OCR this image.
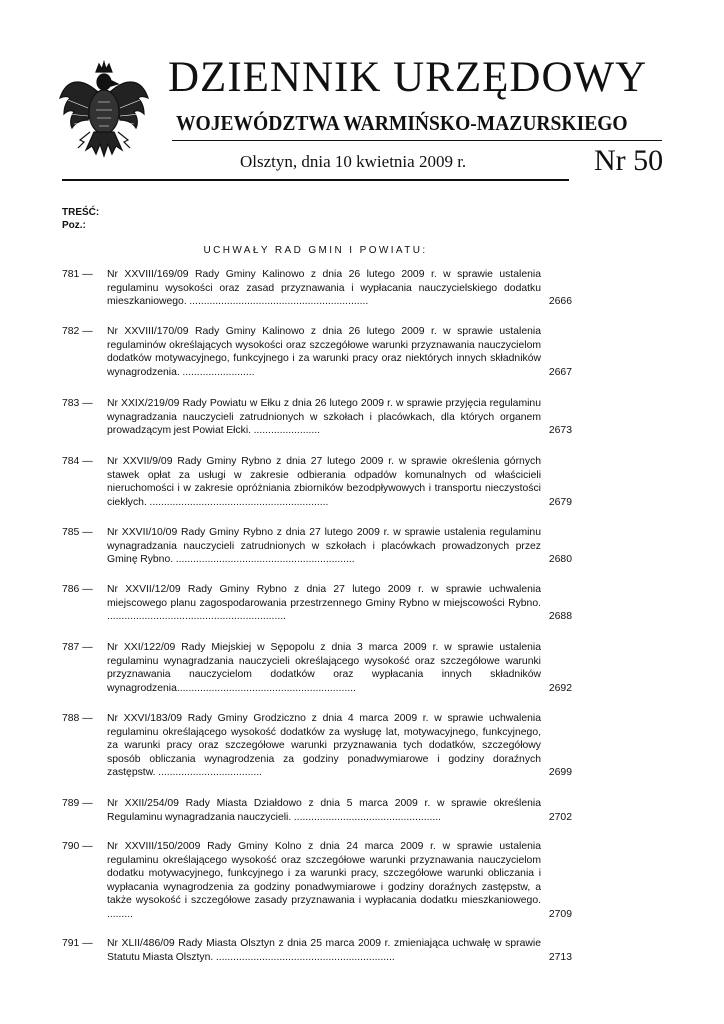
DZIENNIK URZĘDOWY
WOJEWÓDZTWA WARMIŃSKO-MAZURSKIEGO
Olsztyn, dnia 10 kwietnia 2009 r.	Nr 50
TREŚĆ:
Poz.:
UCHWAŁY RAD GMIN I POWIATU:
781 —	Nr XXVIII/169/09 Rady Gminy Kalinowo z dnia 26 lutego 2009 r. w sprawie ustalenia regulaminu wysokości oraz zasad przyznawania i wypłacania nauczycielskiego dodatku mieszkaniowego. ..............................................................	2666
782 —	Nr XXVIII/170/09 Rady Gminy Kalinowo z dnia 26 lutego 2009 r. w sprawie ustalenia regulaminów określających wysokości oraz szczegółowe warunki przyznawania nauczycielom dodatków motywacyjnego, funkcyjnego i za warunki pracy oraz niektórych innych składników wynagrodzenia. .........................	2667
783 —	Nr XXIX/219/09 Rady Powiatu w Ełku z dnia 26 lutego 2009 r. w sprawie przyjęcia regulaminu wynagradzania nauczycieli zatrudnionych w szkołach i placówkach, dla których organem prowadzącym jest Powiat Ełcki. .......................	2673
784 —	Nr XXVII/9/09 Rady Gminy Rybno z dnia 27 lutego 2009 r. w sprawie określenia górnych stawek opłat za usługi w zakresie odbierania odpadów komunalnych od właścicieli nieruchomości i w zakresie opróżniania zbiorników bezodpływowych i transportu nieczystości ciekłych. ..............................................................	2679
785 —	Nr XXVII/10/09 Rady Gminy Rybno z dnia 27 lutego 2009 r. w sprawie ustalenia regulaminu wynagradzania nauczycieli zatrudnionych w szkołach i placówkach prowadzonych przez Gminę Rybno. ..............................................................	2680
786 —	Nr XXVII/12/09 Rady Gminy Rybno z dnia 27 lutego 2009 r. w sprawie uchwalenia miejscowego planu zagospodarowania przestrzennego Gminy Rybno w miejscowości Rybno. ..............................................................	2688
787 —	Nr XXI/122/09 Rady Miejskiej w Sępopolu z dnia 3 marca 2009 r. w sprawie ustalenia regulaminu wynagradzania nauczycieli określającego wysokość oraz szczegółowe warunki przyznawania nauczycielom dodatków oraz wypłacania innych składników wynagrodzenia..............................................................	2692
788 —	Nr XXVI/183/09 Rady Gminy Grodziczno z dnia 4 marca 2009 r. w sprawie uchwalenia regulaminu określającego wysokość dodatków za wysługę lat, motywacyjnego, funkcyjnego, za warunki pracy oraz szczegółowe warunki przyznawania tych dodatków, szczegółowy sposób obliczania wynagrodzenia za godziny ponadwymiarowe i godziny doraźnych zastępstw. ....................................	2699
789 —	Nr XXII/254/09 Rady Miasta Działdowo z dnia 5 marca 2009 r. w sprawie określenia Regulaminu wynagradzania nauczycieli. ...................................................	2702
790 —	Nr XXVIII/150/2009 Rady Gminy Kolno z dnia 24 marca 2009 r. w sprawie ustalenia regulaminu określającego wysokość oraz szczegółowe warunki przyznawania nauczycielom dodatku motywacyjnego, funkcyjnego i za warunki pracy, szczegółowe warunki obliczania i wypłacania wynagrodzenia za godziny ponadwymiarowe i godziny doraźnych zastępstw, a także wysokość i szczegółowe zasady przyznawania i wypłacania dodatku mieszkaniowego. .........	2709
791 —	Nr XLII/486/09 Rady Miasta Olsztyn z dnia 25 marca 2009 r. zmieniająca uchwałę w sprawie Statutu Miasta Olsztyn. ..............................................................	2713
